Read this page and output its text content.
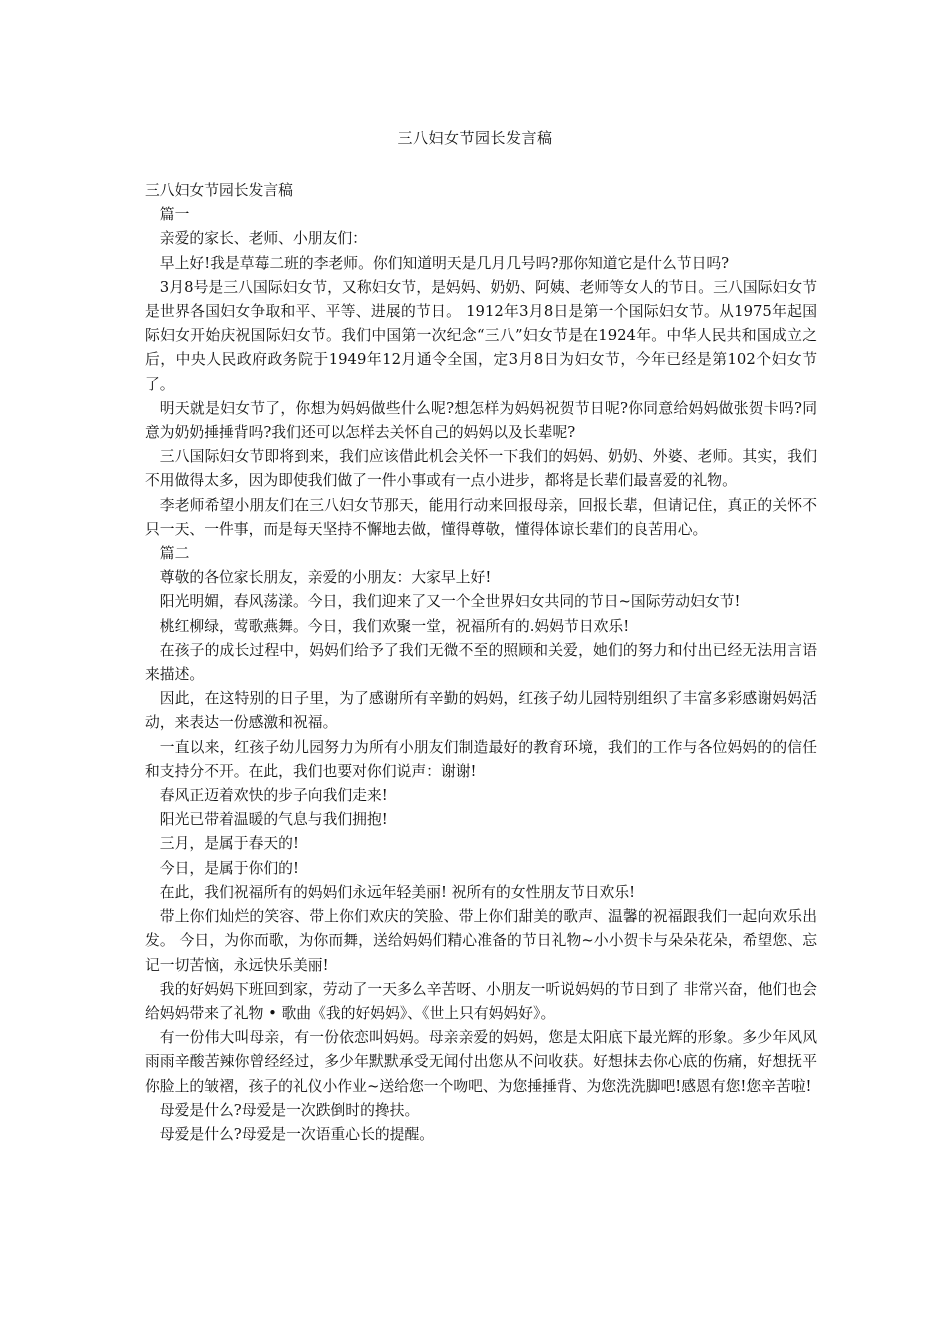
三八妇女节园长发言稿

三八妇女节园长发言稿

篇一

亲爱的家长、老师、小朋友们：

早上好!我是草莓二班的李老师。你们知道明天是几月几号吗?那你知道它是什么节日吗?

3月8号是三八国际妇女节，又称妇女节，是妈妈、奶奶、阿姨、老师等女人的节日。三八国际妇女节是世界各国妇女争取和平、平等、进展的节日。 1912年3月8日是第一个国际妇女节。从1975年起国际妇女开始庆祝国际妇女节。我们中国第一次纪念“三八”妇女节是在1924年。中华人民共和国成立之后，中央人民政府政务院于1949年12月通令全国，定3月8日为妇女节，今年已经是第102个妇女节了。

明天就是妇女节了，你想为妈妈做些什么呢?想怎样为妈妈祝贺节日呢?你同意给妈妈做张贺卡吗?同意为奶奶捶捶背吗?我们还可以怎样去关怀自己的妈妈以及长辈呢?

三八国际妇女节即将到来，我们应该借此机会关怀一下我们的妈妈、奶奶、外婆、老师。其实，我们不用做得太多，因为即使我们做了一件小事或有一点小进步，都将是长辈们最喜爱的礼物。

李老师希望小朋友们在三八妇女节那天，能用行动来回报母亲，回报长辈，但请记住，真正的关怀不只一天、一件事，而是每天坚持不懈地去做，懂得尊敬，懂得体谅长辈们的良苦用心。

篇二

尊敬的各位家长朋友，亲爱的小朋友：大家早上好!

阳光明媚，春风荡漾。今日，我们迎来了又一个全世界妇女共同的节日~国际劳动妇女节!

桃红柳绿，莺歌燕舞。今日，我们欢聚一堂，祝福所有的.妈妈节日欢乐!

在孩子的成长过程中，妈妈们给予了我们无微不至的照顾和关爱，她们的努力和付出已经无法用言语来描述。

因此，在这特别的日子里，为了感谢所有辛勤的妈妈，红孩子幼儿园特别组织了丰富多彩感谢妈妈活动，来表达一份感激和祝福。

一直以来，红孩子幼儿园努力为所有小朋友们制造最好的教育环境，我们的工作与各位妈妈的的信任和支持分不开。在此，我们也要对你们说声：谢谢!

春风正迈着欢快的步子向我们走来!

阳光已带着温暖的气息与我们拥抱!

三月，是属于春天的!

今日，是属于你们的!

在此，我们祝福所有的妈妈们永远年轻美丽! 祝所有的女性朋友节日欢乐!

带上你们灿烂的笑容、带上你们欢庆的笑脸、带上你们甜美的歌声、温馨的祝福跟我们一起向欢乐出发。 今日，为你而歌，为你而舞，送给妈妈们精心准备的节日礼物~小小贺卡与朵朵花朵，希望您、忘记一切苦恼，永远快乐美丽!

我的好妈妈下班回到家，劳动了一天多么辛苦呀、小朋友一听说妈妈的节日到了 非常兴奋，他们也会给妈妈带来了礼物 • 歌曲《我的好妈妈》、《世上只有妈妈好》。

有一份伟大叫母亲，有一份依恋叫妈妈。母亲亲爱的妈妈，您是太阳底下最光辉的形象。多少年风风雨雨辛酸苦辣你曾经经过，多少年默默承受无闻付出您从不问收获。好想抹去你心底的伤痛，好想抚平你脸上的皱褶，孩子的礼仪小作业~送给您一个吻吧、为您捶捶背、为您洗洗脚吧!感恩有您!您辛苦啦!

母爱是什么?母爱是一次跌倒时的搀扶。

母爱是什么?母爱是一次语重心长的提醒。
